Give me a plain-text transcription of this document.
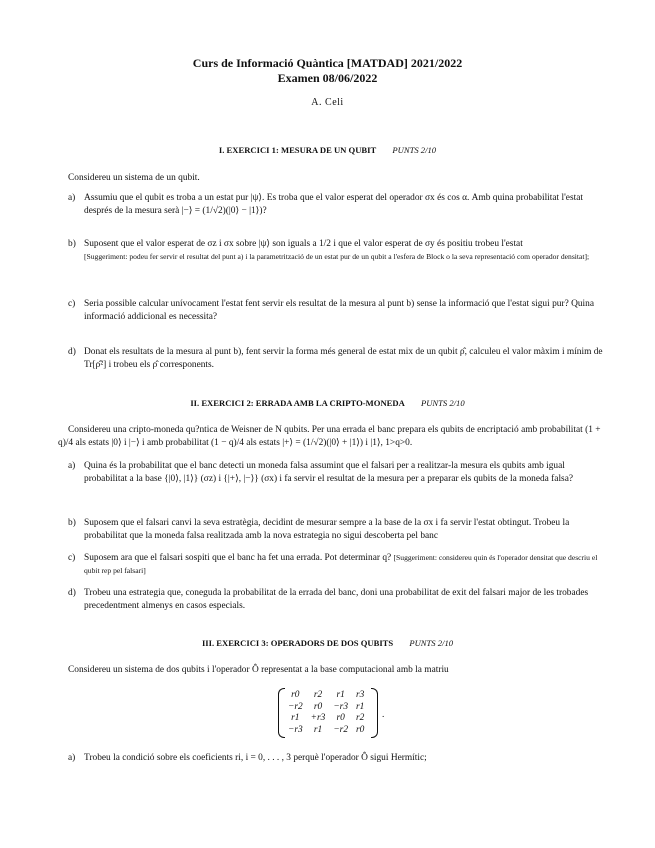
Curs de Informació Quàntica [MATDAD] 2021/2022
Examen 08/06/2022
A. Celi
I. EXERCICI 1: MESURA DE UN QUBIT PUNTS 2/10
Considereu un sistema de un qubit.
a) Assumiu que el qubit es troba a un estat pur |ψ⟩. Es troba que el valor esperat del operador σx és cos α. Amb quina probabilitat l'estat després de la mesura serà |−⟩ = (1/√2)(|0⟩ − |1⟩)?
b) Suposent que el valor esperat de σz i σx sobre |ψ⟩ son iguals a 1/2 i que el valor esperat de σy és positiu trobeu l'estat
[Suggeriment: podeu fer servir el resultat del punt a) i la parametrització de un estat pur de un qubit a l'esfera de Block o la seva representació com operador densitat];
c) Seria possible calcular unívocament l'estat fent servir els resultat de la mesura al punt b) sense la informació que l'estat sigui pur? Quina informació addicional es necessita?
d) Donat els resultats de la mesura al punt b), fent servir la forma més general de estat mix de un qubit ρ̂, calculeu el valor màxim i mínim de Tr[ρ̂²] i trobeu els ρ̂ corresponents.
II. EXERCICI 2: ERRADA AMB LA CRIPTO-MONEDA PUNTS 2/10
Considereu una cripto-moneda qu?ntica de Weisner de N qubits. Per una errada el banc prepara els qubits de encriptació amb probabilitat (1 + q)/4 als estats |0⟩ i |−⟩ i amb probabilitat (1 − q)/4 als estats |+⟩ = (1/√2)(|0⟩ + |1⟩) i |1⟩, 1>q>0.
a) Quina és la probabilitat que el banc detecti un moneda falsa assumint que el falsari per a realitzar-la mesura els qubits amb igual probabilitat a la base {|0⟩, |1⟩} (σz) i {|+⟩, |−⟩} (σx) i fa servir el resultat de la mesura per a preparar els qubits de la moneda falsa?
b) Suposem que el falsari canvi la seva estratègia, decidint de mesurar sempre a la base de la σx i fa servir l'estat obtingut. Trobeu la probabilitat que la moneda falsa realitzada amb la nova estrategia no sigui descoberta pel banc
c) Suposem ara que el falsari sospiti que el banc ha fet una errada. Pot determinar q? [Suggeriment: considereu quin és l'operador densitat que descriu el qubit rep pel falsari]
d) Trobeu una estrategia que, coneguda la probabilitat de la errada del banc, doni una probabilitat de exit del falsari major de les trobades precedentment almenys en casos especials.
III. EXERCICI 3: OPERADORS DE DOS QUBITS PUNTS 2/10
Considereu un sistema de dos qubits i l'operador Ô representat a la base computacional amb la matriu
r0	r2	r1	r3
−r2	r0	−r3	r1
r1	+r3	r0	r2
−r3	r1	−r2	r0
.
a) Trobeu la condició sobre els coeficients ri, i = 0, . . . , 3 perquè l'operador Ô sigui Hermític;
